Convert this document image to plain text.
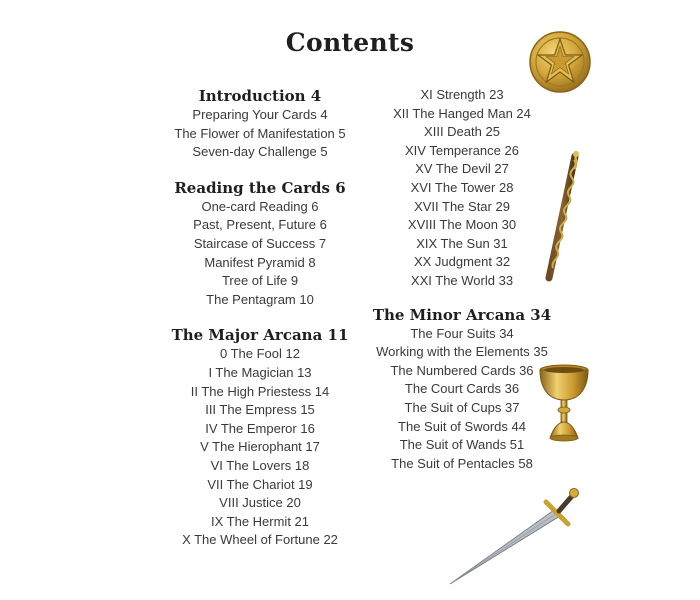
Contents
Introduction 4
Preparing Your Cards 4
The Flower of Manifestation 5
Seven-day Challenge 5
Reading the Cards 6
One-card Reading 6
Past, Present, Future 6
Staircase of Success 7
Manifest Pyramid 8
Tree of Life 9
The Pentagram 10
The Major Arcana 11
0 The Fool 12
I The Magician 13
II The High Priestess 14
III The Empress 15
IV The Emperor 16
V The Hierophant 17
VI The Lovers 18
VII The Chariot 19
VIII Justice 20
IX The Hermit 21
X The Wheel of Fortune 22
XI Strength 23
XII The Hanged Man 24
XIII Death 25
XIV Temperance 26
XV The Devil 27
XVI The Tower 28
XVII The Star 29
XVIII The Moon 30
XIX The Sun 31
XX Judgment 32
XXI The World 33
The Minor Arcana 34
The Four Suits 34
Working with the Elements 35
The Numbered Cards 36
The Court Cards 36
The Suit of Cups 37
The Suit of Swords 44
The Suit of Wands 51
The Suit of Pentacles 58
